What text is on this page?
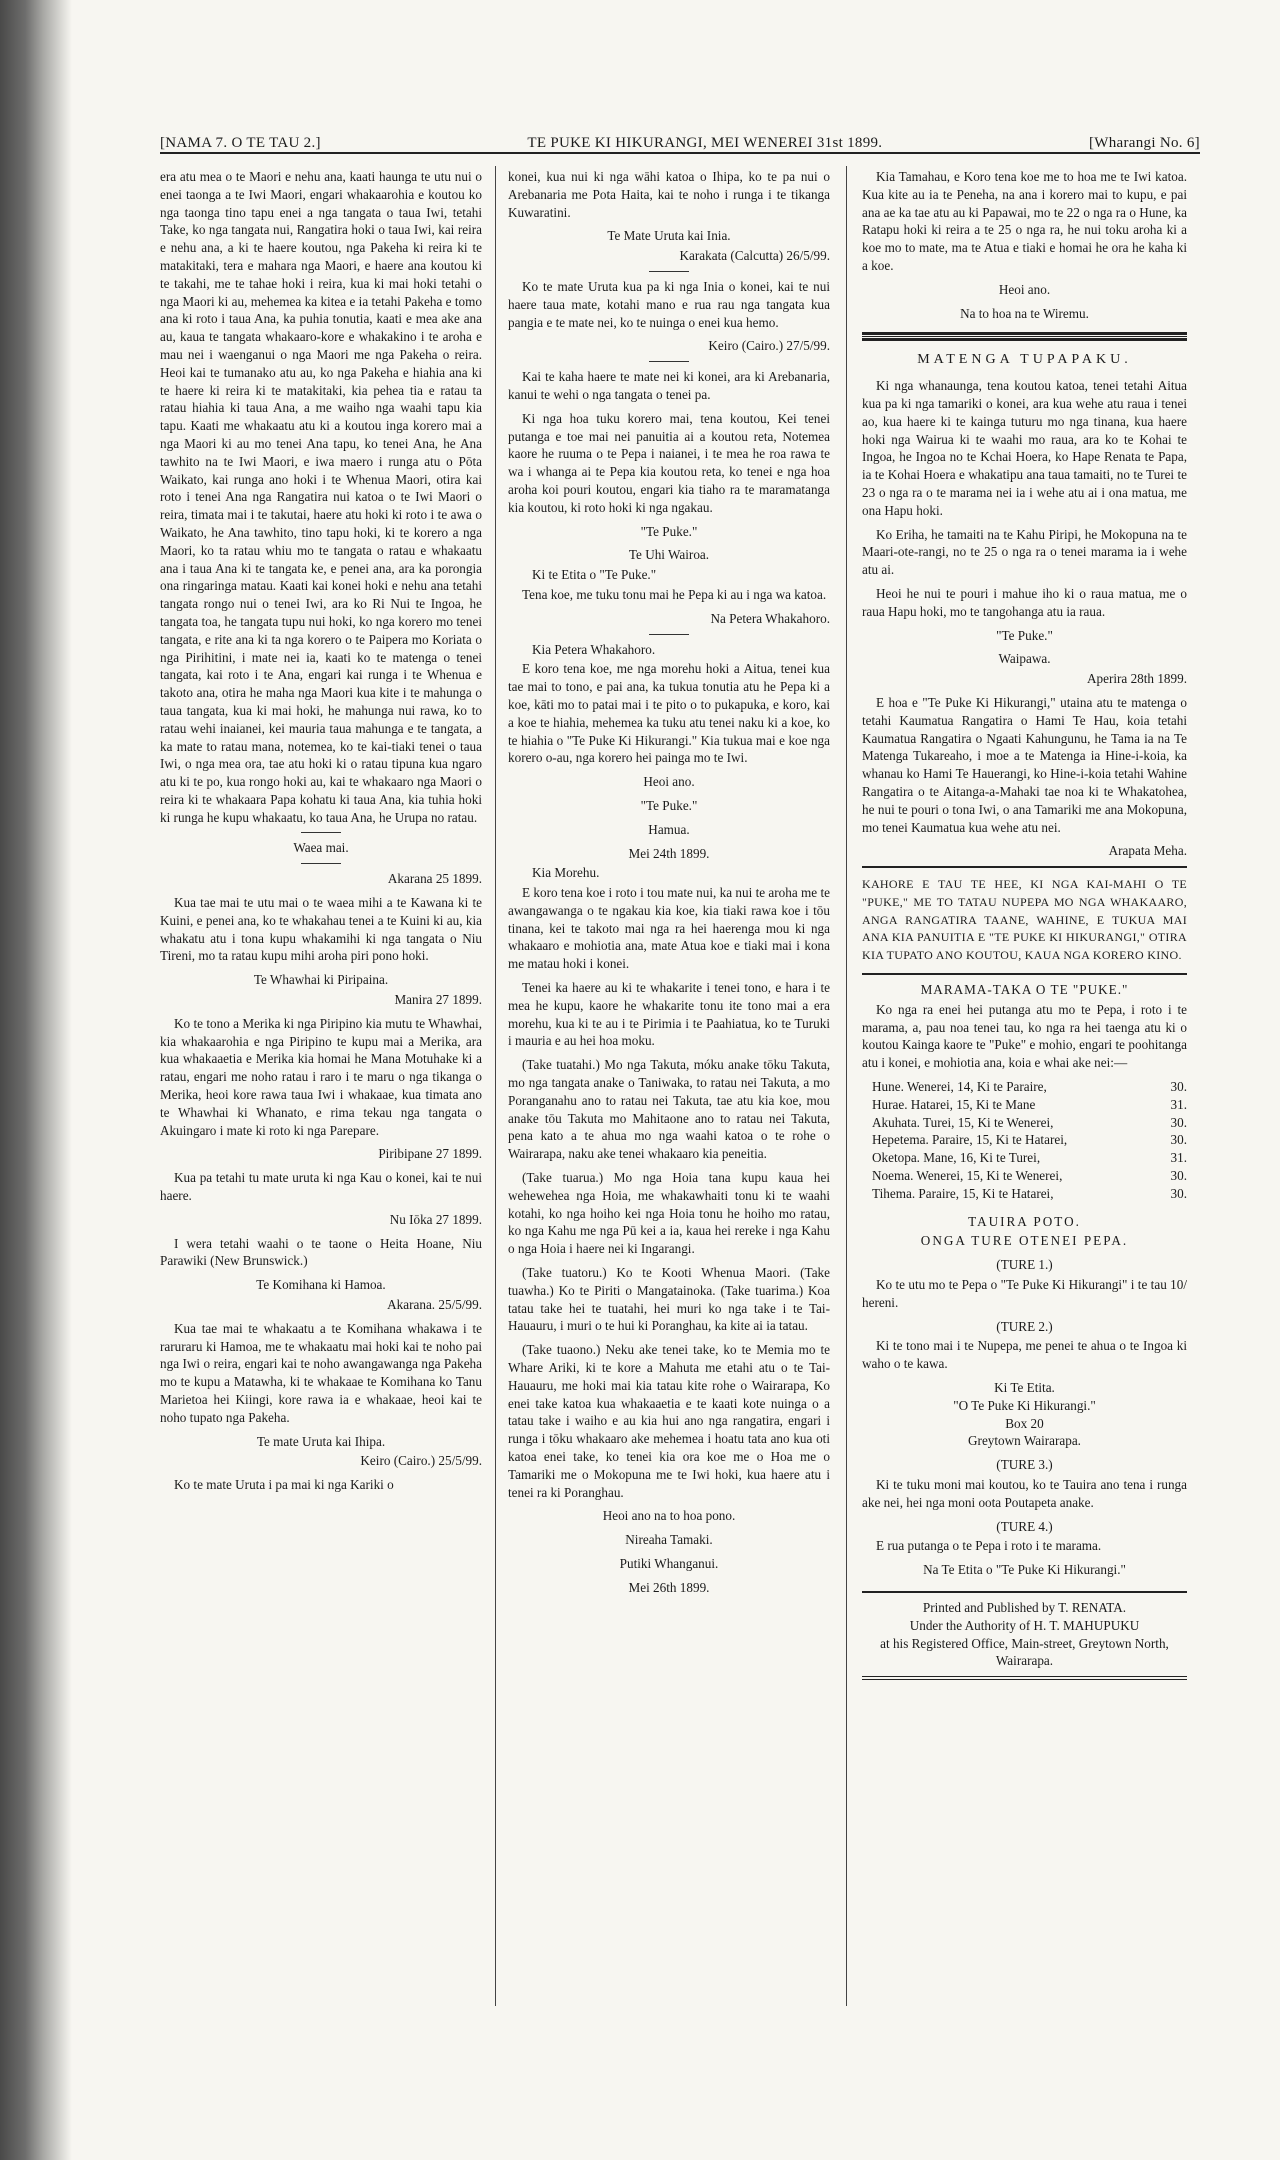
[NAMA 7. O TE TAU 2.]	TE PUKE KI HIKURANGI, MEI WENEREI 31st 1899.	[Wharangi No. 6]

era atu mea o te Maori e nehu ana, kaati haunga te utu nui o enei taonga a te Iwi Maori, engari whakaarohia e koutou ko nga taonga tino tapu enei a nga tangata o taua Iwi, tetahi Take, ko nga tangata nui, Rangatira hoki o taua Iwi, kai reira e nehu ana, a ki te haere koutou, nga Pakeha ki reira ki te matakitaki, tera e mahara nga Maori, e haere ana koutou ki te takahi, me te tahae hoki i reira, kua ki mai hoki tetahi o nga Maori ki au, mehemea ka kitea e ia tetahi Pakeha e tomo ana ki roto i taua Ana, ka puhia tonutia, kaati e mea ake ana au, kaua te tangata whakaaro-kore e whakakino i te aroha e mau nei i waenganui o nga Maori me nga Pakeha o reira. Heoi kai te tumanako atu au, ko nga Pakeha e hiahia ana ki te haere ki reira ki te matakitaki, kia pehea tia e ratau ta ratau hiahia ki taua Ana, a me waiho nga waahi tapu kia tapu. Kaati me whakaatu atu ki a koutou inga korero mai a nga Maori ki au mo tenei Ana tapu, ko tenei Ana, he Ana tawhito na te Iwi Maori, e iwa maero i runga atu o Pōta Waikato, kai runga ano hoki i te Whenua Maori, otira kai roto i tenei Ana nga Rangatira nui katoa o te Iwi Maori o reira, timata mai i te takutai, haere atu hoki ki roto i te awa o Waikato, he Ana tawhito, tino tapu hoki, ki te korero a nga Maori, ko ta ratau whiu mo te tangata o ratau e whakaatu ana i taua Ana ki te tangata ke, e penei ana, ara ka porongia ona ringaringa matau. Kaati kai konei hoki e nehu ana tetahi tangata rongo nui o tenei Iwi, ara ko Ri Nui te Ingoa, he tangata toa, he tangata tupu nui hoki, ko nga korero mo tenei tangata, e rite ana ki ta nga korero o te Paipera mo Koriata o nga Pirihitini, i mate nei ia, kaati ko te matenga o tenei tangata, kai roto i te Ana, engari kai runga i te Whenua e takoto ana, otira he maha nga Maori kua kite i te mahunga o taua tangata, kua ki mai hoki, he mahunga nui rawa, ko to ratau wehi inaianei, kei mauria taua mahunga e te tangata, a ka mate to ratau mana, notemea, ko te kai-tiaki tenei o taua Iwi, o nga mea ora, tae atu hoki ki o ratau tipuna kua ngaro atu ki te po, kua rongo hoki au, kai te whakaaro nga Maori o reira ki te whakaara Papa kohatu ki taua Ana, kia tuhia hoki ki runga he kupu whakaatu, ko taua Ana, he Urupa no ratau.

Waea mai.

Akarana 25 1899.

Kua tae mai te utu mai o te waea mihi a te Kawana ki te Kuini, e penei ana, ko te whakahau tenei a te Kuini ki au, kia whakatu atu i tona kupu whakamihi ki nga tangata o Niu Tireni, mo ta ratau kupu mihi aroha piri pono hoki.

Te Whawhai ki Piripaina.

Manira 27 1899.

Ko te tono a Merika ki nga Piripino kia mutu te Whawhai, kia whakaarohia e nga Piripino te kupu mai a Merika, ara kua whakaaetia e Merika kia homai he Mana Motuhake ki a ratau, engari me noho ratau i raro i te maru o nga tikanga o Merika, heoi kore rawa taua Iwi i whakaae, kua timata ano te Whawhai ki Whanato, e rima tekau nga tangata o Akuingaro i mate ki roto ki nga Parepare.

Piribipane 27 1899.

Kua pa tetahi tu mate uruta ki nga Kau o konei, kai te nui haere.

Nu Iōka 27 1899.

I wera tetahi waahi o te taone o Heita Hoane, Niu Parawiki (New Brunswick.)

Te Komihana ki Hamoa.

Akarana. 25/5/99.

Kua tae mai te whakaatu a te Komihana whakawa i te raruraru ki Hamoa, me te whakaatu mai hoki kai te noho pai nga Iwi o reira, engari kai te noho awangawanga nga Pakeha mo te kupu a Matawha, ki te whakaae te Komihana ko Tanu Marietoa hei Kiingi, kore rawa ia e whakaae, heoi kai te noho tupato nga Pakeha.

Te mate Uruta kai Ihipa.

Keiro (Cairo.) 25/5/99.

Ko te mate Uruta i pa mai ki nga Kariki o

konei, kua nui ki nga wāhi katoa o Ihipa, ko te pa nui o Arebanaria me Pota Haita, kai te noho i runga i te tikanga Kuwaratini.

Te Mate Uruta kai Inia.

Karakata (Calcutta) 26/5/99.

Ko te mate Uruta kua pa ki nga Inia o konei, kai te nui haere taua mate, kotahi mano e rua rau nga tangata kua pangia e te mate nei, ko te nuinga o enei kua hemo.

Keiro (Cairo.) 27/5/99.

Kai te kaha haere te mate nei ki konei, ara ki Arebanaria, kanui te wehi o nga tangata o tenei pa.

Ki nga hoa tuku korero mai, tena koutou, Kei tenei putanga e toe mai nei panuitia ai a koutou reta, Notemea kaore he ruuma o te Pepa i naianei, i te mea he roa rawa te wa i whanga ai te Pepa kia koutou reta, ko tenei e nga hoa aroha koi pouri koutou, engari kia tiaho ra te maramatanga kia koutou, ki roto hoki ki nga ngakau.

"Te Puke."

Te Uhi Wairoa.

Ki te Etita o "Te Puke."

Tena koe, me tuku tonu mai he Pepa ki au i nga wa katoa.

Na Petera Whakahoro.

Kia Petera Whakahoro.

E koro tena koe, me nga morehu hoki a Aitua, tenei kua tae mai to tono, e pai ana, ka tukua tonutia atu he Pepa ki a koe, kāti mo to patai mai i te pito o to pukapuka, e koro, kai a koe te hiahia, mehemea ka tuku atu tenei naku ki a koe, ko te hiahia o "Te Puke Ki Hikurangi." Kia tukua mai e koe nga korero o-au, nga korero hei painga mo te Iwi.

Heoi ano.

"Te Puke."

Hamua.

Mei 24th 1899.

Kia Morehu.

E koro tena koe i roto i tou mate nui, ka nui te aroha me te awangawanga o te ngakau kia koe, kia tiaki rawa koe i tōu tinana, kei te takoto mai nga ra hei haerenga mou ki nga whakaaro e mohiotia ana, mate Atua koe e tiaki mai i kona me matau hoki i konei.

Tenei ka haere au ki te whakarite i tenei tono, e hara i te mea he kupu, kaore he whakarite tonu ite tono mai a era morehu, kua ki te au i te Pirimia i te Paahiatua, ko te Turuki i mauria e au hei hoa moku.

(Take tuatahi.) Mo nga Takuta, móku anake tōku Takuta, mo nga tangata anake o Taniwaka, to ratau nei Takuta, a mo Poranganahu ano to ratau nei Takuta, tae atu kia koe, mou anake tōu Takuta mo Mahitaone ano to ratau nei Takuta, pena kato a te ahua mo nga waahi katoa o te rohe o Wairarapa, naku ake tenei whakaaro kia peneitia.

(Take tuarua.) Mo nga Hoia tana kupu kaua hei wehewehea nga Hoia, me whakawhaiti tonu ki te waahi kotahi, ko nga hoiho kei nga Hoia tonu he hoiho mo ratau, ko nga Kahu me nga Pū kei a ia, kaua hei rereke i nga Kahu o nga Hoia i haere nei ki Ingarangi.

(Take tuatoru.) Ko te Kooti Whenua Maori. (Take tuawha.) Ko te Piriti o Mangatainoka. (Take tuarima.) Koa tatau take hei te tuatahi, hei muri ko nga take i te Tai-Hauauru, i muri o te hui ki Poranghau, ka kite ai ia tatau.

(Take tuaono.) Neku ake tenei take, ko te Memia mo te Whare Ariki, ki te kore a Mahuta me etahi atu o te Tai-Hauauru, me hoki mai kia tatau kite rohe o Wairarapa, Ko enei take katoa kua whakaaetia e te kaati kote nuinga o a tatau take i waiho e au kia hui ano nga rangatira, engari i runga i tōku whakaaro ake mehemea i hoatu tata ano kua oti katoa enei take, ko tenei kia ora koe me o Hoa me o Tamariki me o Mokopuna me te Iwi hoki, kua haere atu i tenei ra ki Poranghau.

Heoi ano na to hoa pono.

Nireaha Tamaki.

Putiki Whanganui.

Mei 26th 1899.

Kia Tamahau, e Koro tena koe me to hoa me te Iwi katoa. Kua kite au ia te Peneha, na ana i korero mai to kupu, e pai ana ae ka tae atu au ki Papawai, mo te 22 o nga ra o Hune, ka Ratapu hoki ki reira a te 25 o nga ra, he nui toku aroha ki a koe mo to mate, ma te Atua e tiaki e homai he ora he kaha ki a koe.

Heoi ano.

Na to hoa na te Wiremu.

MATENGA TUPAPAKU.

Ki nga whanaunga, tena koutou katoa, tenei tetahi Aitua kua pa ki nga tamariki o konei, ara kua wehe atu raua i tenei ao, kua haere ki te kainga tuturu mo nga tinana, kua haere hoki nga Wairua ki te waahi mo raua, ara ko te Kohai te Ingoa, he Ingoa no te Kchai Hoera, ko Hape Renata te Papa, ia te Kohai Hoera e whakatipu ana taua tamaiti, no te Turei te 23 o nga ra o te marama nei ia i wehe atu ai i ona matua, me ona Hapu hoki.

Ko Eriha, he tamaiti na te Kahu Piripi, he Mokopuna na te Maari-ote-rangi, no te 25 o nga ra o tenei marama ia i wehe atu ai.

Heoi he nui te pouri i mahue iho ki o raua matua, me o raua Hapu hoki, mo te tangohanga atu ia raua.

"Te Puke."

Waipawa.

Aperira 28th 1899.

E hoa e "Te Puke Ki Hikurangi," utaina atu te matenga o tetahi Kaumatua Rangatira o Hami Te Hau, koia tetahi Kaumatua Rangatira o Ngaati Kahungunu, he Tama ia na Te Matenga Tukareaho, i moe a te Matenga ia Hine-i-koia, ka whanau ko Hami Te Hauerangi, ko Hine-i-koia tetahi Wahine Rangatira o te Aitanga-a-Mahaki tae noa ki te Whakatohea, he nui te pouri o tona Iwi, o ana Tamariki me ana Mokopuna, mo tenei Kaumatua kua wehe atu nei.

Arapata Meha.

KAHORE E TAU TE HEE, KI NGA KAI-MAHI O TE "PUKE," ME TO TATAU NUPEPA MO NGA WHAKAARO, ANGA RANGATIRA TAANE, WAHINE, E TUKUA MAI ANA KIA PANUITIA E "TE PUKE KI HIKURANGI," OTIRA KIA TUPATO ANO KOUTOU, KAUA NGA KORERO KINO.

MARAMA-TAKA O TE "PUKE."

Ko nga ra enei hei putanga atu mo te Pepa, i roto i te marama, a, pau noa tenei tau, ko nga ra hei taenga atu ki o koutou Kainga kaore te "Puke" e mohio, engari te poohitanga atu i konei, e mohiotia ana, koia e whai ake nei:—

Hune. Wenerei, 14, Ki te Paraire,	30.
Hurae. Hatarei, 15, Ki te Mane	31.
Akuhata. Turei, 15, Ki te Wenerei,	30.
Hepetema. Paraire, 15, Ki te Hatarei,	30.
Oketopa. Mane, 16, Ki te Turei,	31.
Noema. Wenerei, 15, Ki te Wenerei,	30.
Tihema. Paraire, 15, Ki te Hatarei,	30.

TAUIRA POTO.

ONGA TURE OTENEI PEPA.

(TURE 1.)

Ko te utu mo te Pepa o "Te Puke Ki Hikurangi" i te tau 10/ hereni.

(TURE 2.)

Ki te tono mai i te Nupepa, me penei te ahua o te Ingoa ki waho o te kawa.

Ki Te Etita.

"O Te Puke Ki Hikurangi."

Box 20

Greytown Wairarapa.

(TURE 3.)

Ki te tuku moni mai koutou, ko te Tauira ano tena i runga ake nei, hei nga moni oota Poutapeta anake.

(TURE 4.)

E rua putanga o te Pepa i roto i te marama.

Na Te Etita o "Te Puke Ki Hikurangi."

Printed and Published by T. RENATA.

Under the Authority of H. T. MAHUPUKU

at his Registered Office, Main-street, Greytown North, Wairarapa.
